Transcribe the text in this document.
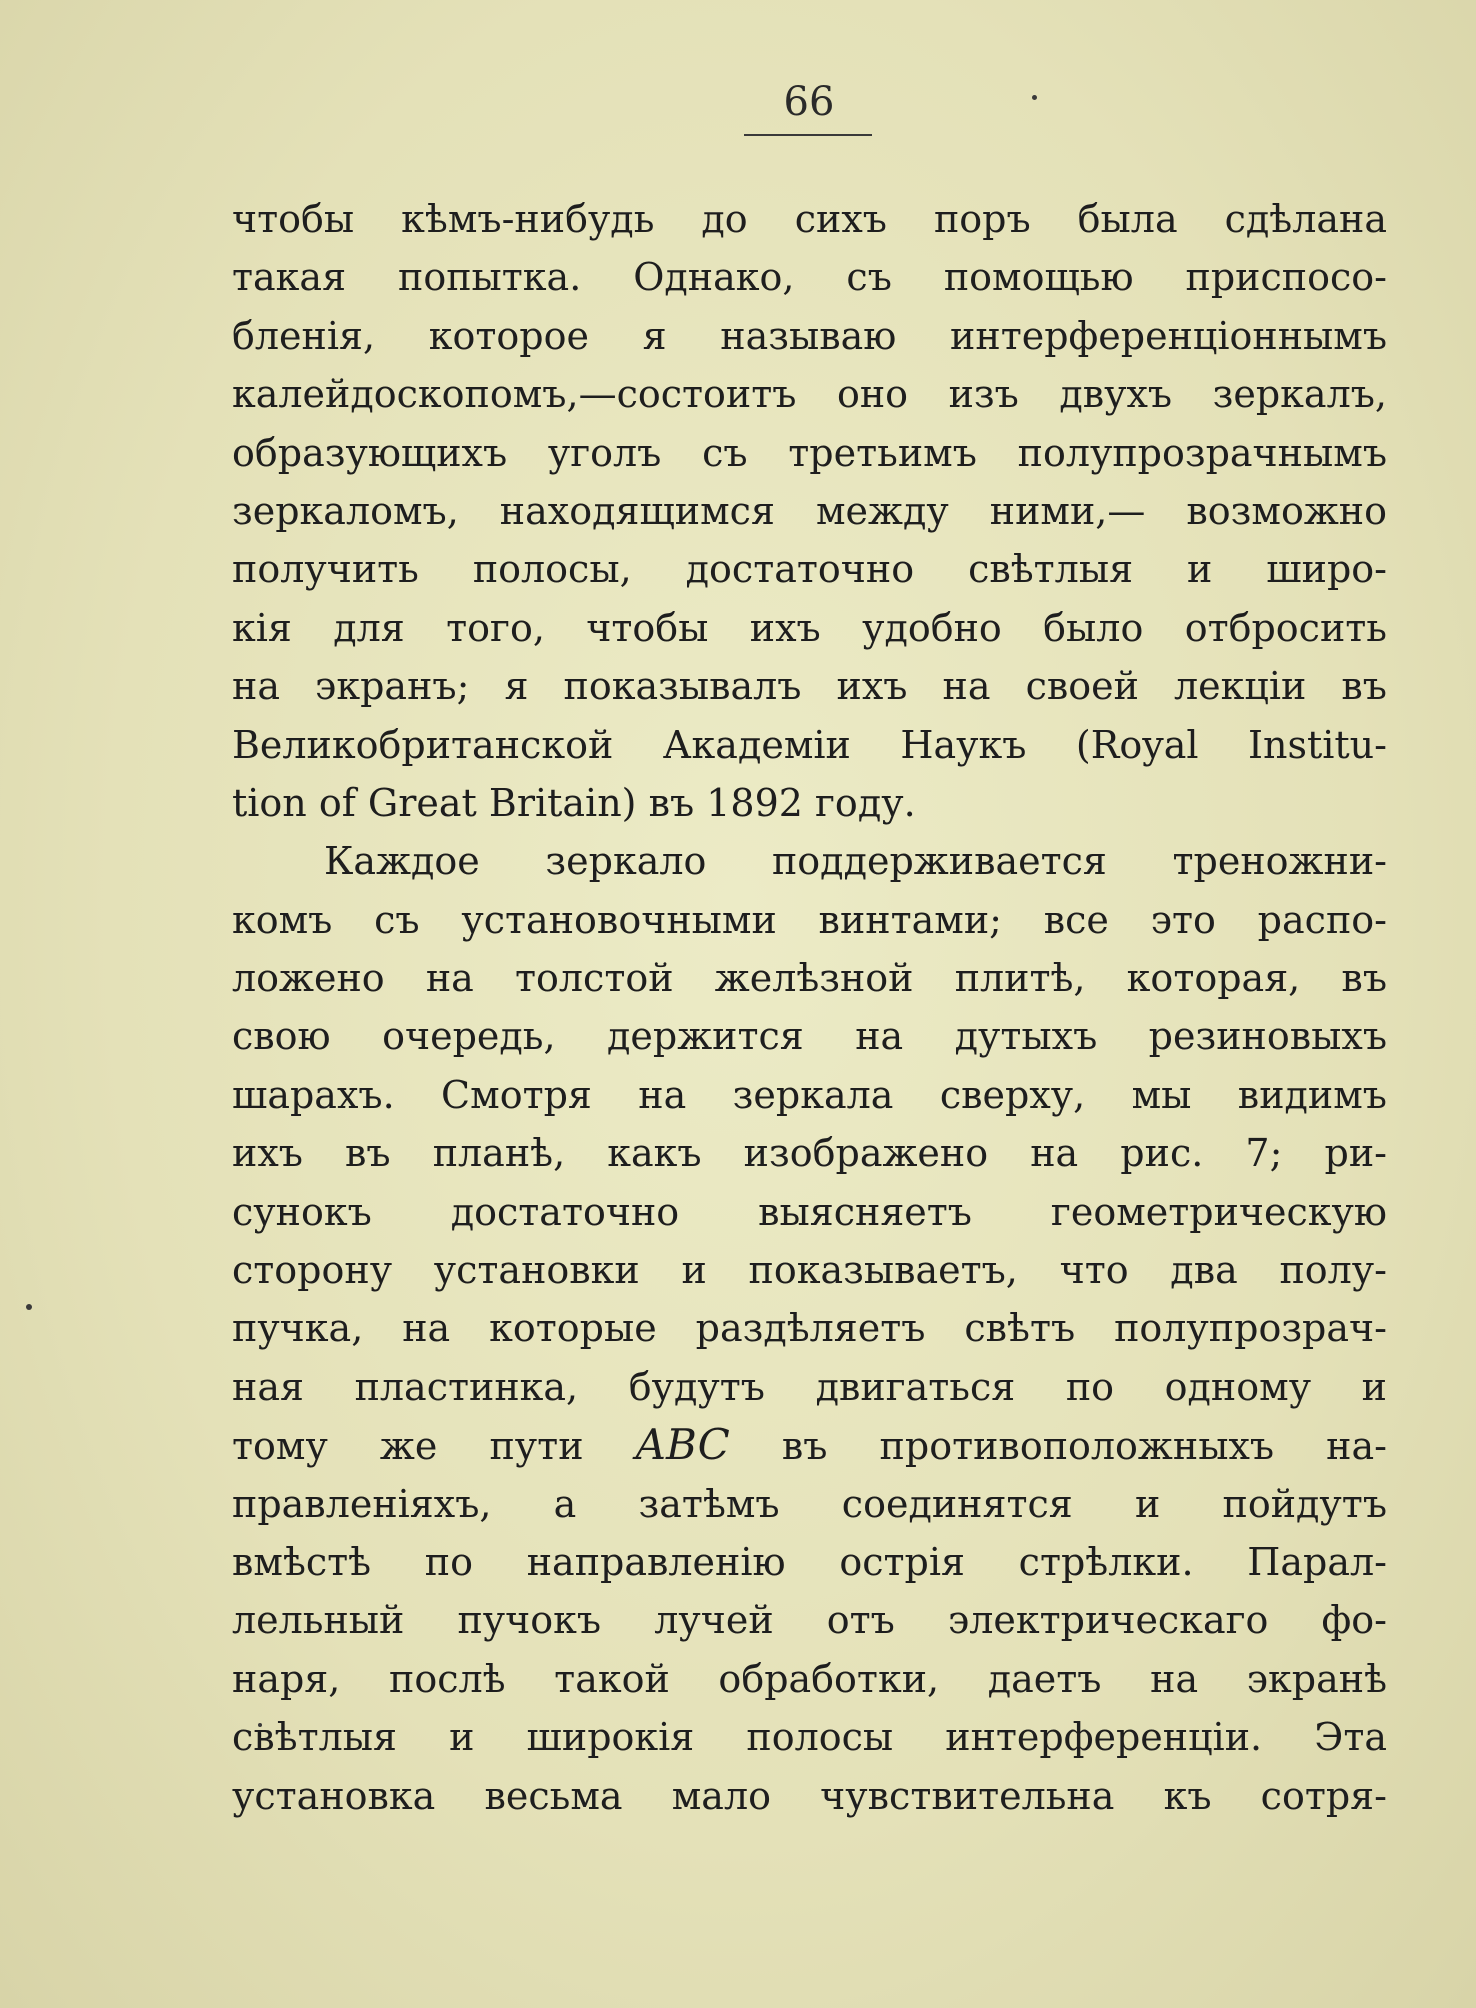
66
чтобы кѣмъ-нибудь до сихъ поръ была сдѣлана
такая попытка. Однако, съ помощью приспосо-
бленія, которое я называю интерференціоннымъ
калейдоскопомъ,—состоитъ оно изъ двухъ зеркалъ,
образующихъ уголъ съ третьимъ полупрозрачнымъ
зеркаломъ, находящимся между ними,— возможно
получить полосы, достаточно свѣтлыя и широ-
кія для того, чтобы ихъ удобно было отбросить
на экранъ; я показывалъ ихъ на своей лекціи въ
Великобританской Академіи Наукъ (Royal Institu-
tion of Great Britain) въ 1892 году.
Каждое зеркало поддерживается треножни-
комъ съ установочными винтами; все это распо-
ложено на толстой желѣзной плитѣ, которая, въ
свою очередь, держится на дутыхъ резиновыхъ
шарахъ. Смотря на зеркала сверху, мы видимъ
ихъ въ планѣ, какъ изображено на рис. 7; ри-
сунокъ достаточно выясняетъ геометрическую
сторону установки и показываетъ, что два полу-
пучка, на которые раздѣляетъ свѣтъ полупрозрач-
ная пластинка, будутъ двигаться по одному и
тому же пути ABC въ противоположныхъ на-
правленіяхъ, а затѣмъ соединятся и пойдутъ
вмѣстѣ по направленію острія стрѣлки. Парал-
лельный пучокъ лучей отъ электрическаго фо-
наря, послѣ такой обработки, даетъ на экранѣ
свѣтлыя и широкія полосы интерференціи. Эта
установка весьма мало чувствительна къ сотря-
